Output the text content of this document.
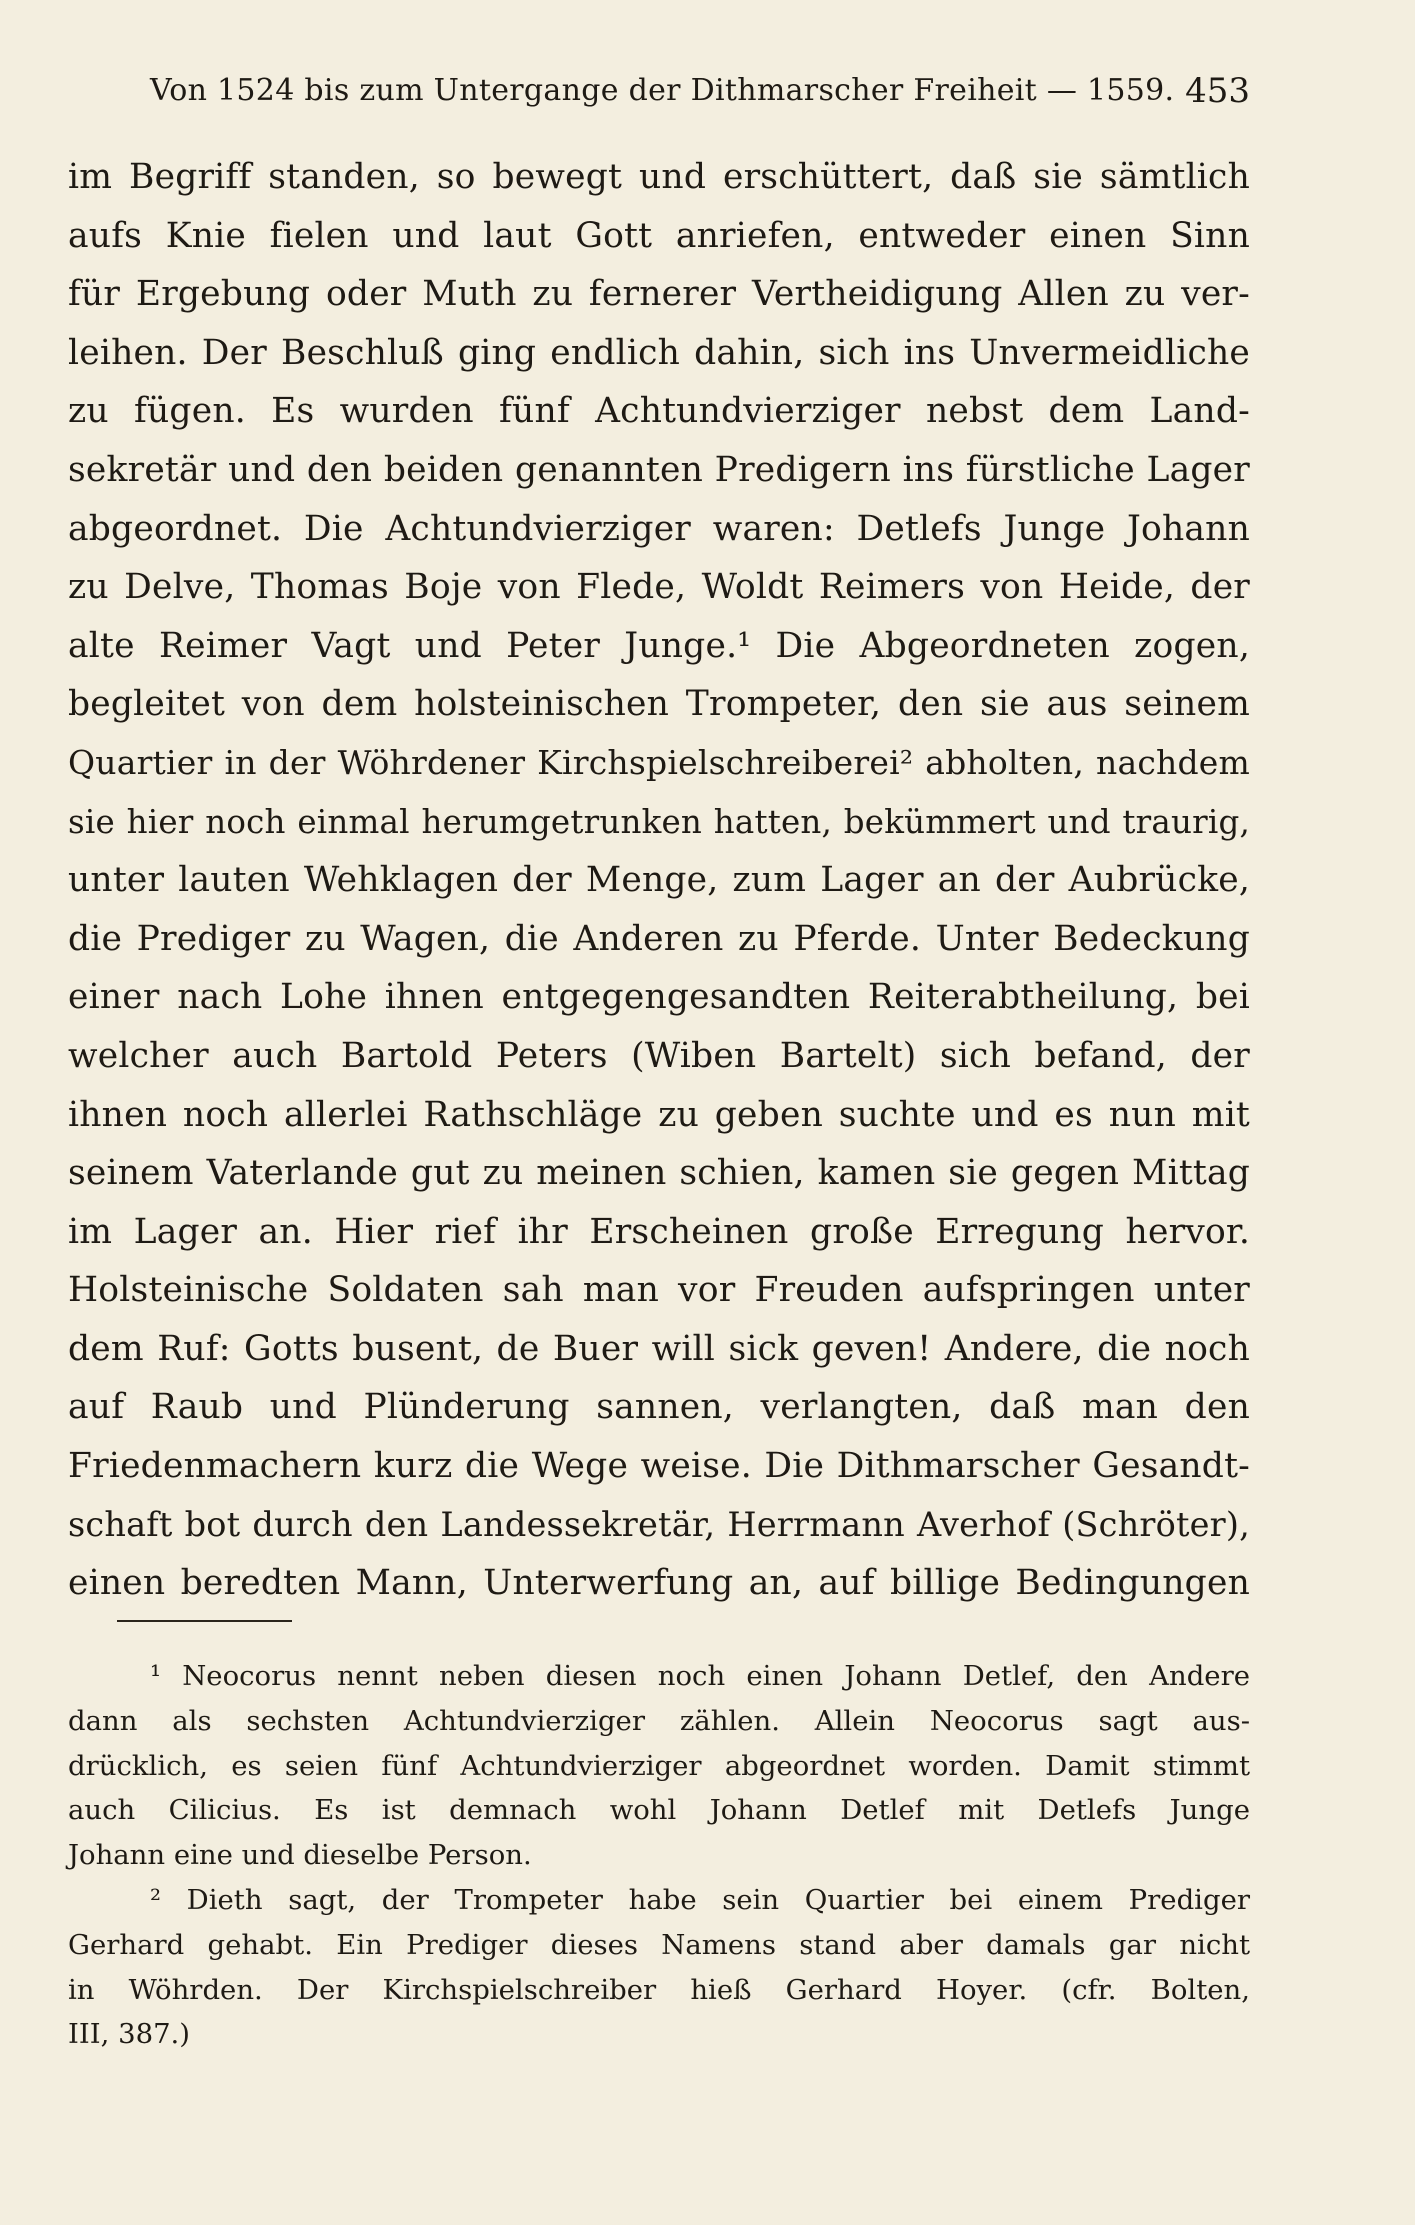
Von 1524 bis zum Untergange der Dithmarscher Freiheit — 1559. 453
im Begriff standen, so bewegt und erschüttert, daß sie sämtlich
aufs Knie fielen und laut Gott anriefen, entweder einen Sinn
für Ergebung oder Muth zu fernerer Vertheidigung Allen zu ver-
leihen. Der Beschluß ging endlich dahin, sich ins Unvermeidliche
zu fügen. Es wurden fünf Achtundvierziger nebst dem Land-
sekretär und den beiden genannten Predigern ins fürstliche Lager
abgeordnet. Die Achtundvierziger waren: Detlefs Junge Johann
zu Delve, Thomas Boje von Flede, Woldt Reimers von Heide, der
alte Reimer Vagt und Peter Junge.¹ Die Abgeordneten zogen,
begleitet von dem holsteinischen Trompeter, den sie aus seinem
Quartier in der Wöhrdener Kirchspielschreiberei² abholten, nachdem
sie hier noch einmal herumgetrunken hatten, bekümmert und traurig,
unter lauten Wehklagen der Menge, zum Lager an der Aubrücke,
die Prediger zu Wagen, die Anderen zu Pferde. Unter Bedeckung
einer nach Lohe ihnen entgegengesandten Reiterabtheilung, bei
welcher auch Bartold Peters (Wiben Bartelt) sich befand, der
ihnen noch allerlei Rathschläge zu geben suchte und es nun mit
seinem Vaterlande gut zu meinen schien, kamen sie gegen Mittag
im Lager an. Hier rief ihr Erscheinen große Erregung hervor.
Holsteinische Soldaten sah man vor Freuden aufspringen unter
dem Ruf: Gotts busent, de Buer will sick geven! Andere, die noch
auf Raub und Plünderung sannen, verlangten, daß man den
Friedenmachern kurz die Wege weise. Die Dithmarscher Gesandt-
schaft bot durch den Landessekretär, Herrmann Averhof (Schröter),
einen beredten Mann, Unterwerfung an, auf billige Bedingungen
¹ Neocorus nennt neben diesen noch einen Johann Detlef, den Andere
dann als sechsten Achtundvierziger zählen. Allein Neocorus sagt aus-
drücklich, es seien fünf Achtundvierziger abgeordnet worden. Damit stimmt
auch Cilicius. Es ist demnach wohl Johann Detlef mit Detlefs Junge
Johann eine und dieselbe Person.
² Dieth sagt, der Trompeter habe sein Quartier bei einem Prediger
Gerhard gehabt. Ein Prediger dieses Namens stand aber damals gar nicht
in Wöhrden. Der Kirchspielschreiber hieß Gerhard Hoyer. (cfr. Bolten,
III, 387.)
